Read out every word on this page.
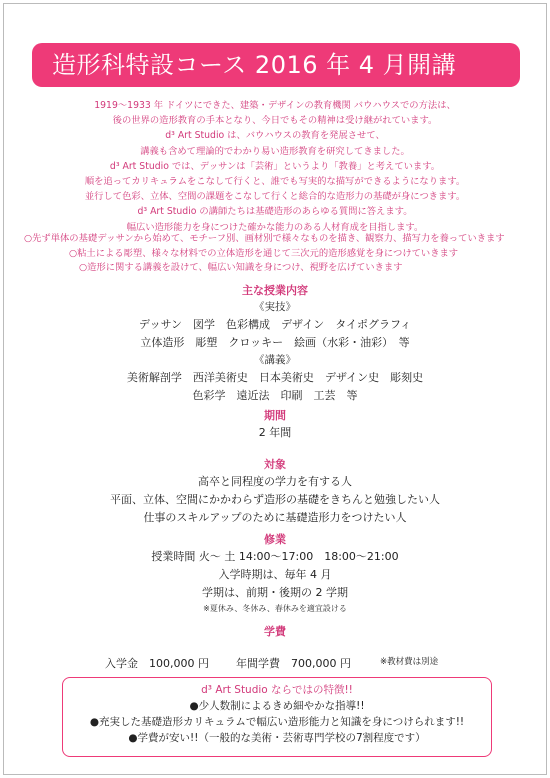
造形科特設コース 2016 年 4 月開講
1919～1933 年 ドイツにできた、建築・デザインの教育機関 バウハウスでの方法は、
後の世界の造形教育の手本となり、今日でもその精神は受け継がれています。
d³ Art Studio は、バウハウスの教育を発展させて、
講義も含めて理論的でわかり易い造形教育を研究してきました。
d³ Art Studio では、デッサンは「芸術」というより「教養」と考えています。
順を追ってカリキュラムをこなして行くと、誰でも写実的な描写ができるようになります。
並行して色彩、立体、空間の課題をこなして行くと総合的な造形力の基礎が身につきます。
d³ Art Studio の講師たちは基礎造形のあらゆる質問に答えます。
幅広い造形能力を身につけた確かな能力のある人材育成を目指します。
○先ず単体の基礎デッサンから始めて、モチーフ別、画材別で様々なものを描き、観察力、描写力を養っていきます
○粘土による彫塑、様々な材料での立体造形を通じて三次元的造形感覚を身につけていきます
○造形に関する講義を設けて、幅広い知識を身につけ、視野を広げていきます
主な授業内容
《実技》
デッサン　図学　色彩構成　デザイン　タイポグラフィ
立体造形　彫塑　クロッキー　絵画（水彩・油彩）　等
《講義》
美術解剖学　西洋美術史　日本美術史　デザイン史　彫刻史
色彩学　遠近法　印刷　工芸　等
期間
2 年間
対象
高卒と同程度の学力を有する人
平面、立体、空間にかかわらず造形の基礎をきちんと勉強したい人
仕事のスキルアップのために基礎造形力をつけたい人
修業
授業時間 火～ 土 14:00～17:00　18:00～21:00
入学時期は、毎年 4 月
学期は、前期・後期の 2 学期
※夏休み、冬休み、春休みを適宜設ける
学費
入学金　100,000 円 年間学費　700,000 円	※教材費は別途
d³ Art Studio ならではの特徴!!
●少人数制によるきめ細やかな指導!!
●充実した基礎造形カリキュラムで幅広い造形能力と知識を身につけられます!!
●学費が安い!!（一般的な美術・芸術専門学校の7割程度です）
